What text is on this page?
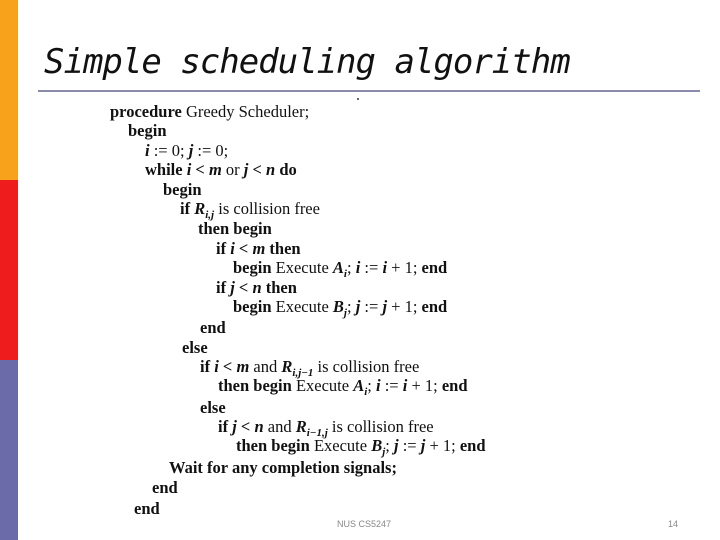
Simple scheduling algorithm
procedure Greedy Scheduler;
begin
i := 0; j := 0;
while i < m or j < n do
begin
if $R_{i,j}$ is collision free
then begin
if i < m then
begin Execute $A_i$; i := i + 1; end
if j < n then
begin Execute $B_j$; j := j + 1; end
end
else
if i < m and $R_{i,j-1}$ is collision free
then begin Execute $A_i$; i := i + 1; end
else
if j < n and $R_{i-1,j}$ is collision free
then begin Execute $B_j$; j := j + 1; end
Wait for any completion signals;
end
end
NUS CS5247	14
